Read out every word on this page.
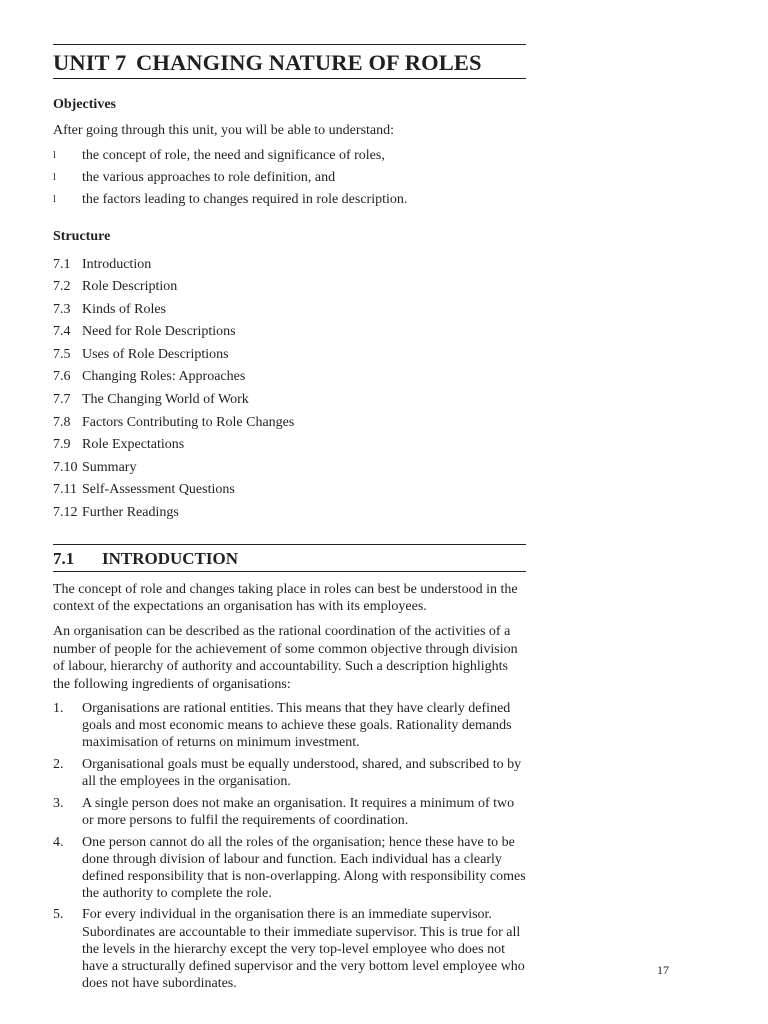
UNIT 7 CHANGING NATURE OF ROLES
Objectives
After going through this unit, you will be able to understand:
l	the concept of role, the need and significance of roles,
l	the various approaches to role definition, and
l	the factors leading to changes required in role description.
Structure
7.1 Introduction
7.2 Role Description
7.3 Kinds of Roles
7.4 Need for Role Descriptions
7.5 Uses of Role Descriptions
7.6 Changing Roles: Approaches
7.7 The Changing World of Work
7.8 Factors Contributing to Role Changes
7.9 Role Expectations
7.10 Summary
7.11 Self-Assessment Questions
7.12 Further Readings
7.1 INTRODUCTION
The concept of role and changes taking place in roles can best be understood in the context of the expectations an organisation has with its employees.
An organisation can be described as the rational coordination of the activities of a number of people for the achievement of some common objective through division of labour, hierarchy of authority and accountability. Such a description highlights the following ingredients of organisations:
1.	Organisations are rational entities. This means that they have clearly defined goals and most economic means to achieve these goals. Rationality demands maximisation of returns on minimum investment.
2.	Organisational goals must be equally understood, shared, and subscribed to by all the employees in the organisation.
3.	A single person does not make an organisation. It requires a minimum of two or more persons to fulfil the requirements of coordination.
4.	One person cannot do all the roles of the organisation; hence these have to be done through division of labour and function. Each individual has a clearly defined responsibility that is non-overlapping. Along with responsibility comes the authority to complete the role.
5.	For every individual in the organisation there is an immediate supervisor. Subordinates are accountable to their immediate supervisor. This is true for all the levels in the hierarchy except the very top-level employee who does not have a structurally defined supervisor and the very bottom level employee who does not have subordinates.
17
